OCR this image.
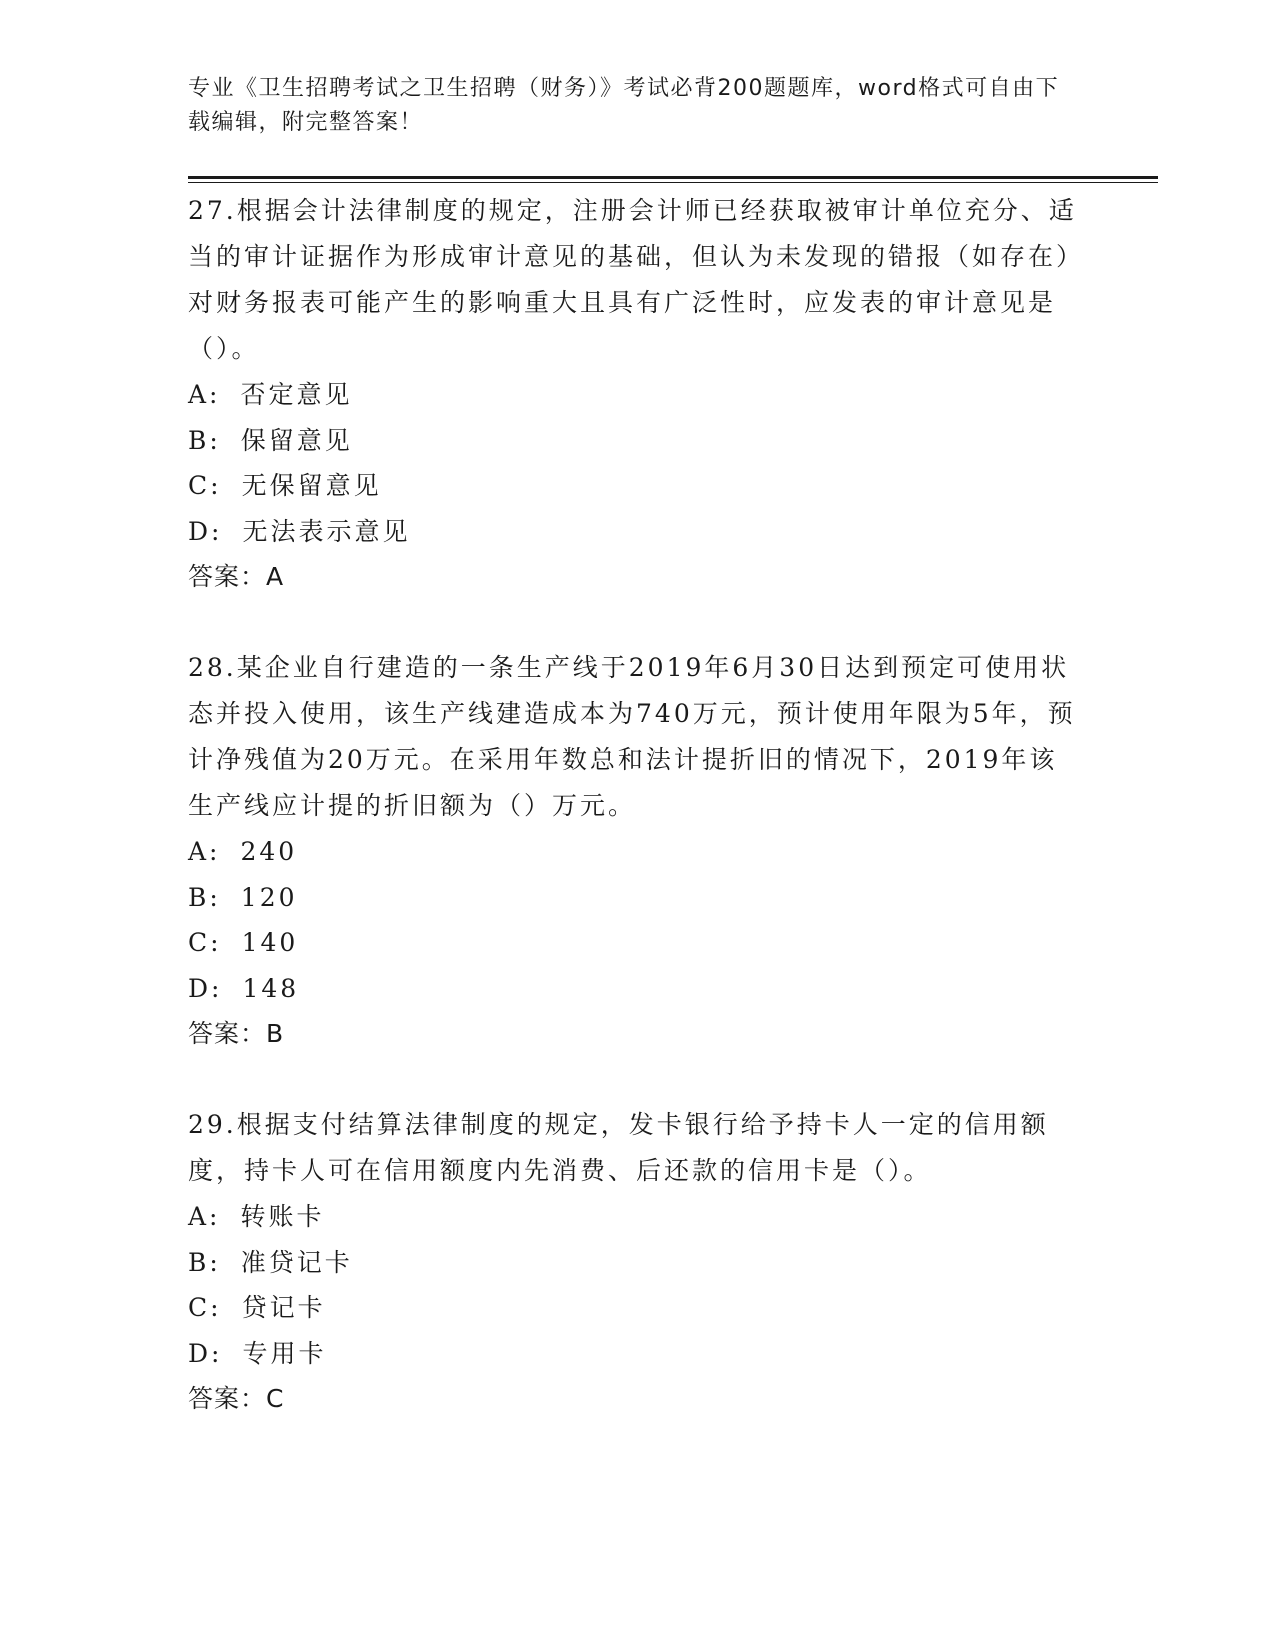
专业《卫生招聘考试之卫生招聘（财务）》考试必背200题题库，word格式可自由下载编辑，附完整答案！
27.根据会计法律制度的规定，注册会计师已经获取被审计单位充分、适当的审计证据作为形成审计意见的基础，但认为未发现的错报（如存在）对财务报表可能产生的影响重大且具有广泛性时，应发表的审计意见是（）。
A: 否定意见
B: 保留意见
C: 无保留意见
D: 无法表示意见
答案：A
28.某企业自行建造的一条生产线于2019年6月30日达到预定可使用状态并投入使用，该生产线建造成本为740万元，预计使用年限为5年，预计净残值为20万元。在采用年数总和法计提折旧的情况下，2019年该生产线应计提的折旧额为（）万元。
A: 240
B: 120
C: 140
D: 148
答案：B
29.根据支付结算法律制度的规定，发卡银行给予持卡人一定的信用额度，持卡人可在信用额度内先消费、后还款的信用卡是（）。
A: 转账卡
B: 准贷记卡
C: 贷记卡
D: 专用卡
答案：C
